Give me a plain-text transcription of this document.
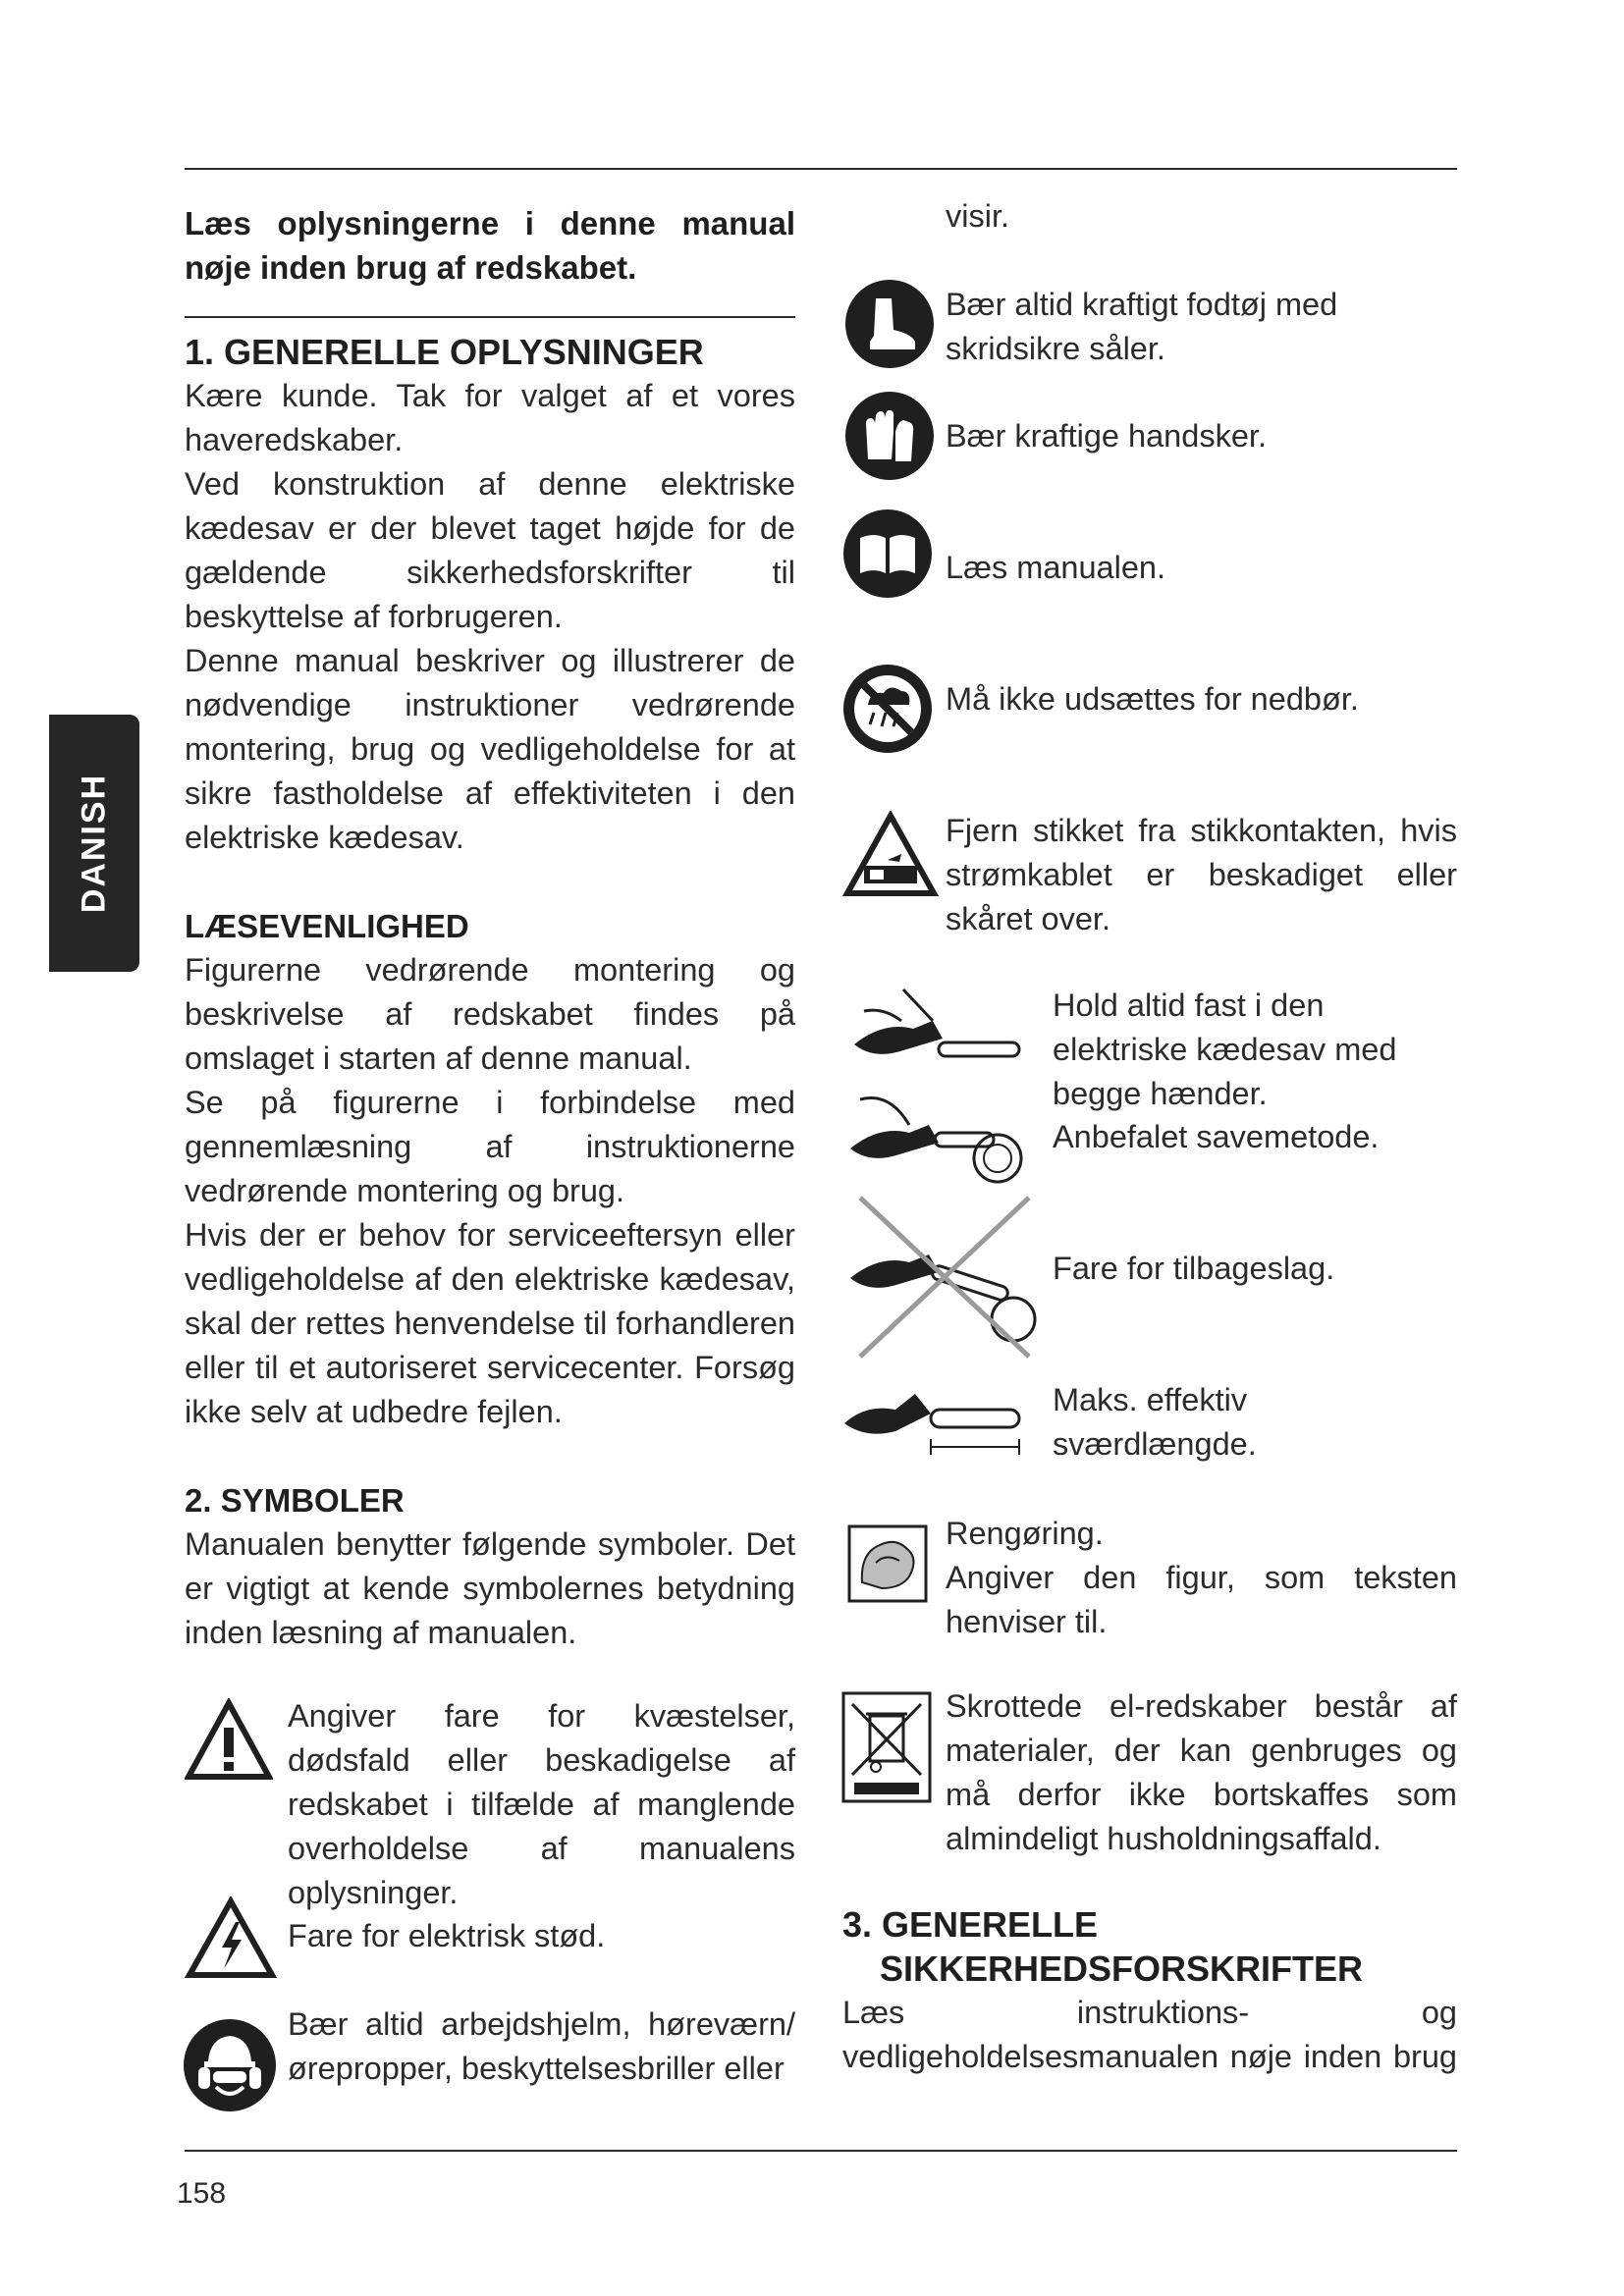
DANISH

Læs oplysningerne i denne manual nøje inden brug af redskabet.

1. GENERELLE OPLYSNINGER

Kære kunde. Tak for valget af et vores haveredskaber.

Ved konstruktion af denne elektriske kædesav er der blevet taget højde for de gældende sikkerhedsforskrifter til beskyttelse af forbrugeren.

Denne manual beskriver og illustrerer de nødvendige instruktioner vedrørende montering, brug og vedligeholdelse for at sikre fastholdelse af effektiviteten i den elektriske kædesav.

LÆSEVENLIGHED

Figurerne vedrørende montering og beskrivelse af redskabet findes på omslaget i starten af denne manual.

Se på figurerne i forbindelse med gennemlæsning af instruktionerne vedrørende montering og brug.

Hvis der er behov for serviceeftersyn eller vedligeholdelse af den elektriske kædesav, skal der rettes henvendelse til forhandleren eller til et autoriseret servicecenter. Forsøg ikke selv at udbedre fejlen.

2. SYMBOLER

Manualen benytter følgende symboler. Det er vigtigt at kende symbolernes betydning inden læsning af manualen.

Angiver fare for kvæstelser, dødsfald eller beskadigelse af redskabet i tilfælde af manglende overholdelse af manualens oplysninger.

Fare for elektrisk stød.

Bær altid arbejdshjelm, høreværn/ ørepropper, beskyttelsesbriller eller

visir.

Bær altid kraftigt fodtøj med skridsikre såler.

Bær kraftige handsker.

Læs manualen.

Må ikke udsættes for nedbør.

Fjern stikket fra stikkontakten, hvis strømkablet er beskadiget eller skåret over.

Hold altid fast i den elektriske kædesav med begge hænder.

Anbefalet savemetode.

Fare for tilbageslag.

Maks. effektiv sværdlængde.

Rengøring.

Angiver den figur, som teksten henviser til.

Skrottede el-redskaber består af materialer, der kan genbruges og må derfor ikke bortskaffes som almindeligt husholdningsaffald.

3. GENERELLE

SIKKERHEDSFORSKRIFTER

Læs instruktions- og vedligeholdelsesmanualen nøje inden brug

158
